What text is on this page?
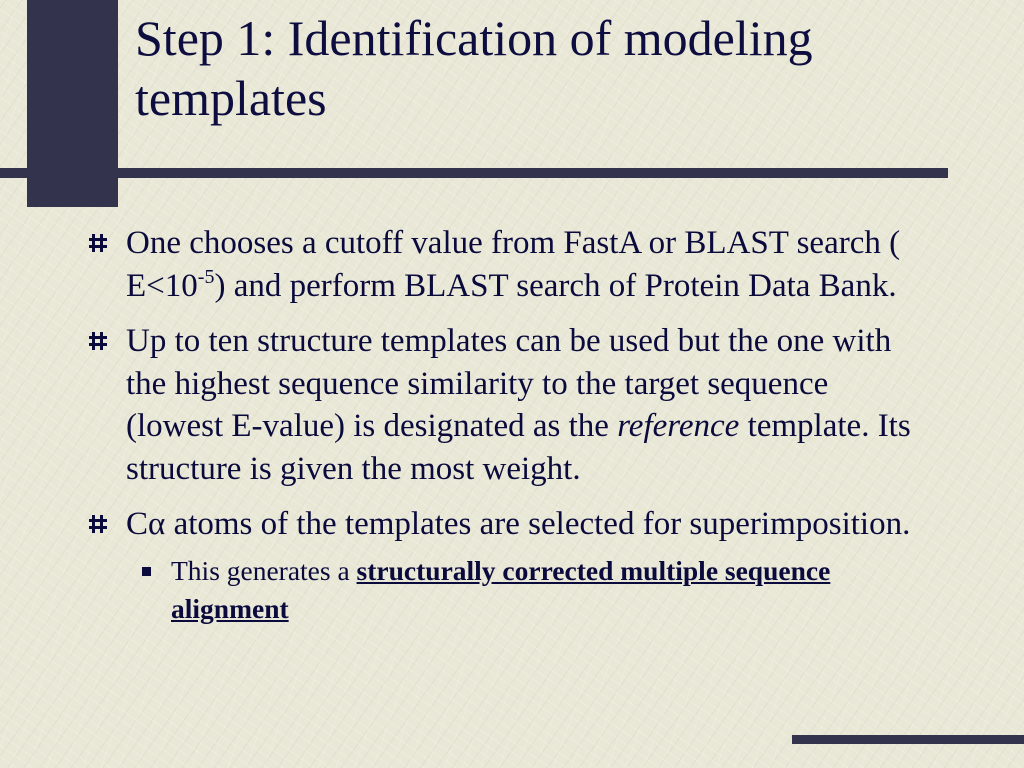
Step 1: Identification of modeling templates
One chooses a cutoff value from FastA or BLAST search ( $E<10^{-5}$) and perform BLAST search of Protein Data Bank.
Up to ten structure templates can be used but the one with the highest sequence similarity to the target sequence (lowest E-value) is designated as the reference template. Its structure is given the most weight.
Cα atoms of the templates are selected for superimposition.
This generates a structurally corrected multiple sequence alignment
